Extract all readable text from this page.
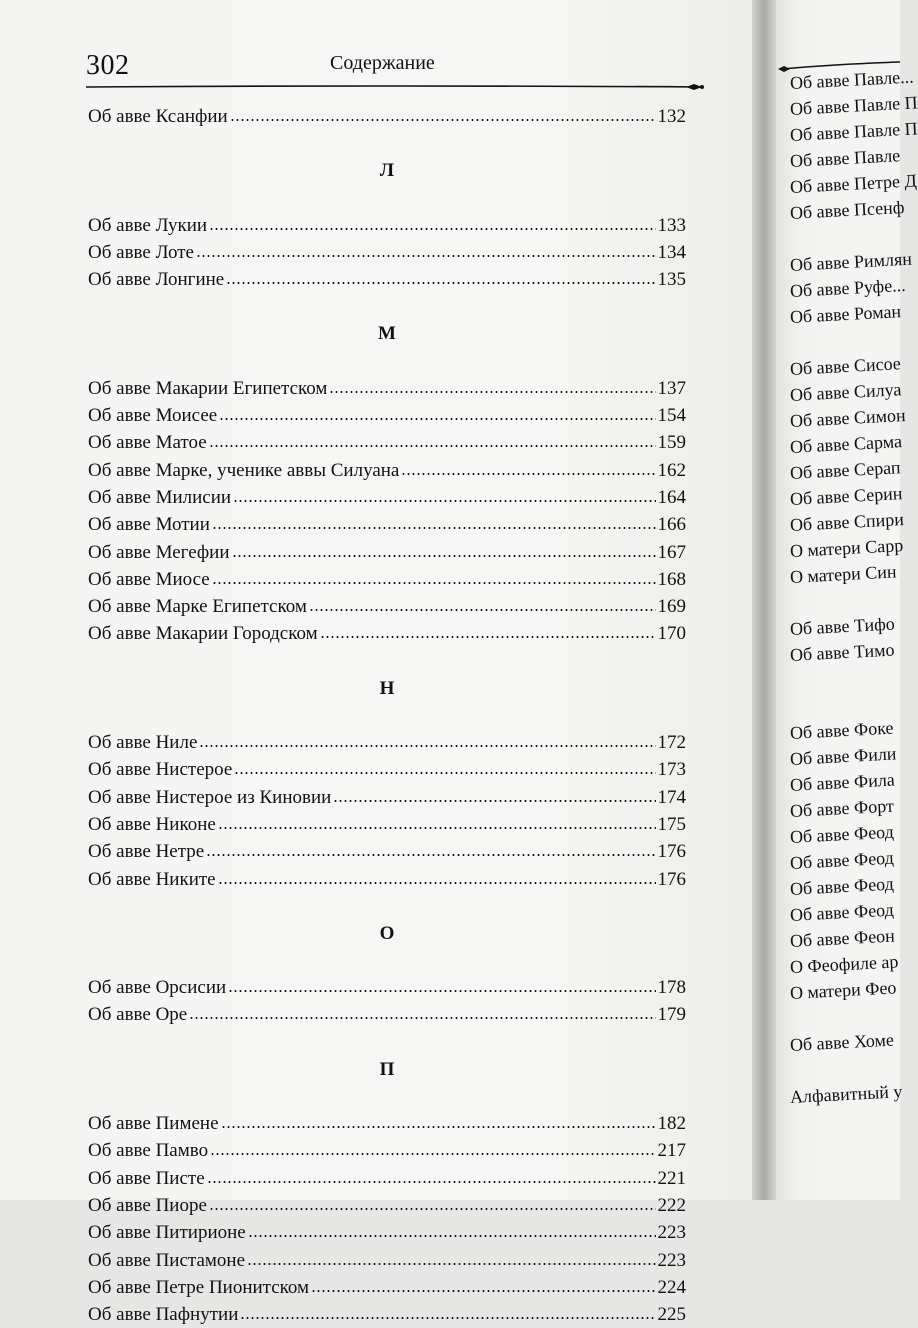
302	Содержание
Об авве Ксанфии	132
Л
Об авве Лукии	133
Об авве Лоте	134
Об авве Лонгине	135
М
Об авве Макарии Египетском	137
Об авве Моисее	154
Об авве Матое	159
Об авве Марке, ученике аввы Силуана	162
Об авве Милисии	164
Об авве Мотии	166
Об авве Мегефии	167
Об авве Миосе	168
Об авве Марке Египетском	169
Об авве Макарии Городском	170
Н
Об авве Ниле	172
Об авве Нистерое	173
Об авве Нистерое из Киновии	174
Об авве Никоне	175
Об авве Нетре	176
Об авве Никите	176
О
Об авве Орсисии	178
Об авве Оре	179
П
Об авве Пимене	182
Об авве Памво	217
Об авве Писте	221
Об авве Пиоре	222
Об авве Питирионе	223
Об авве Пистамоне	223
Об авве Петре Пионитском	224
Об авве Пафнутии	225
Об авве Павле...
Об авве Павле П
Об авве Павле П
Об авве Павле
Об авве Петре Д
Об авве Псенф
Об авве Римлян
Об авве Руфе...
Об авве Роман
Об авве Сисое
Об авве Силуа
Об авве Симон
Об авве Сарма
Об авве Серап
Об авве Серин
Об авве Спири
О матери Сарр
О матери Син
Об авве Тифо
Об авве Тимо
Об авве Фоке
Об авве Фили
Об авве Фила
Об авве Форт
Об авве Феод
Об авве Феод
Об авве Феод
Об авве Феод
Об авве Феон
О Феофиле ар
О матери Фео
Об авве Хоме
Алфавитный у
